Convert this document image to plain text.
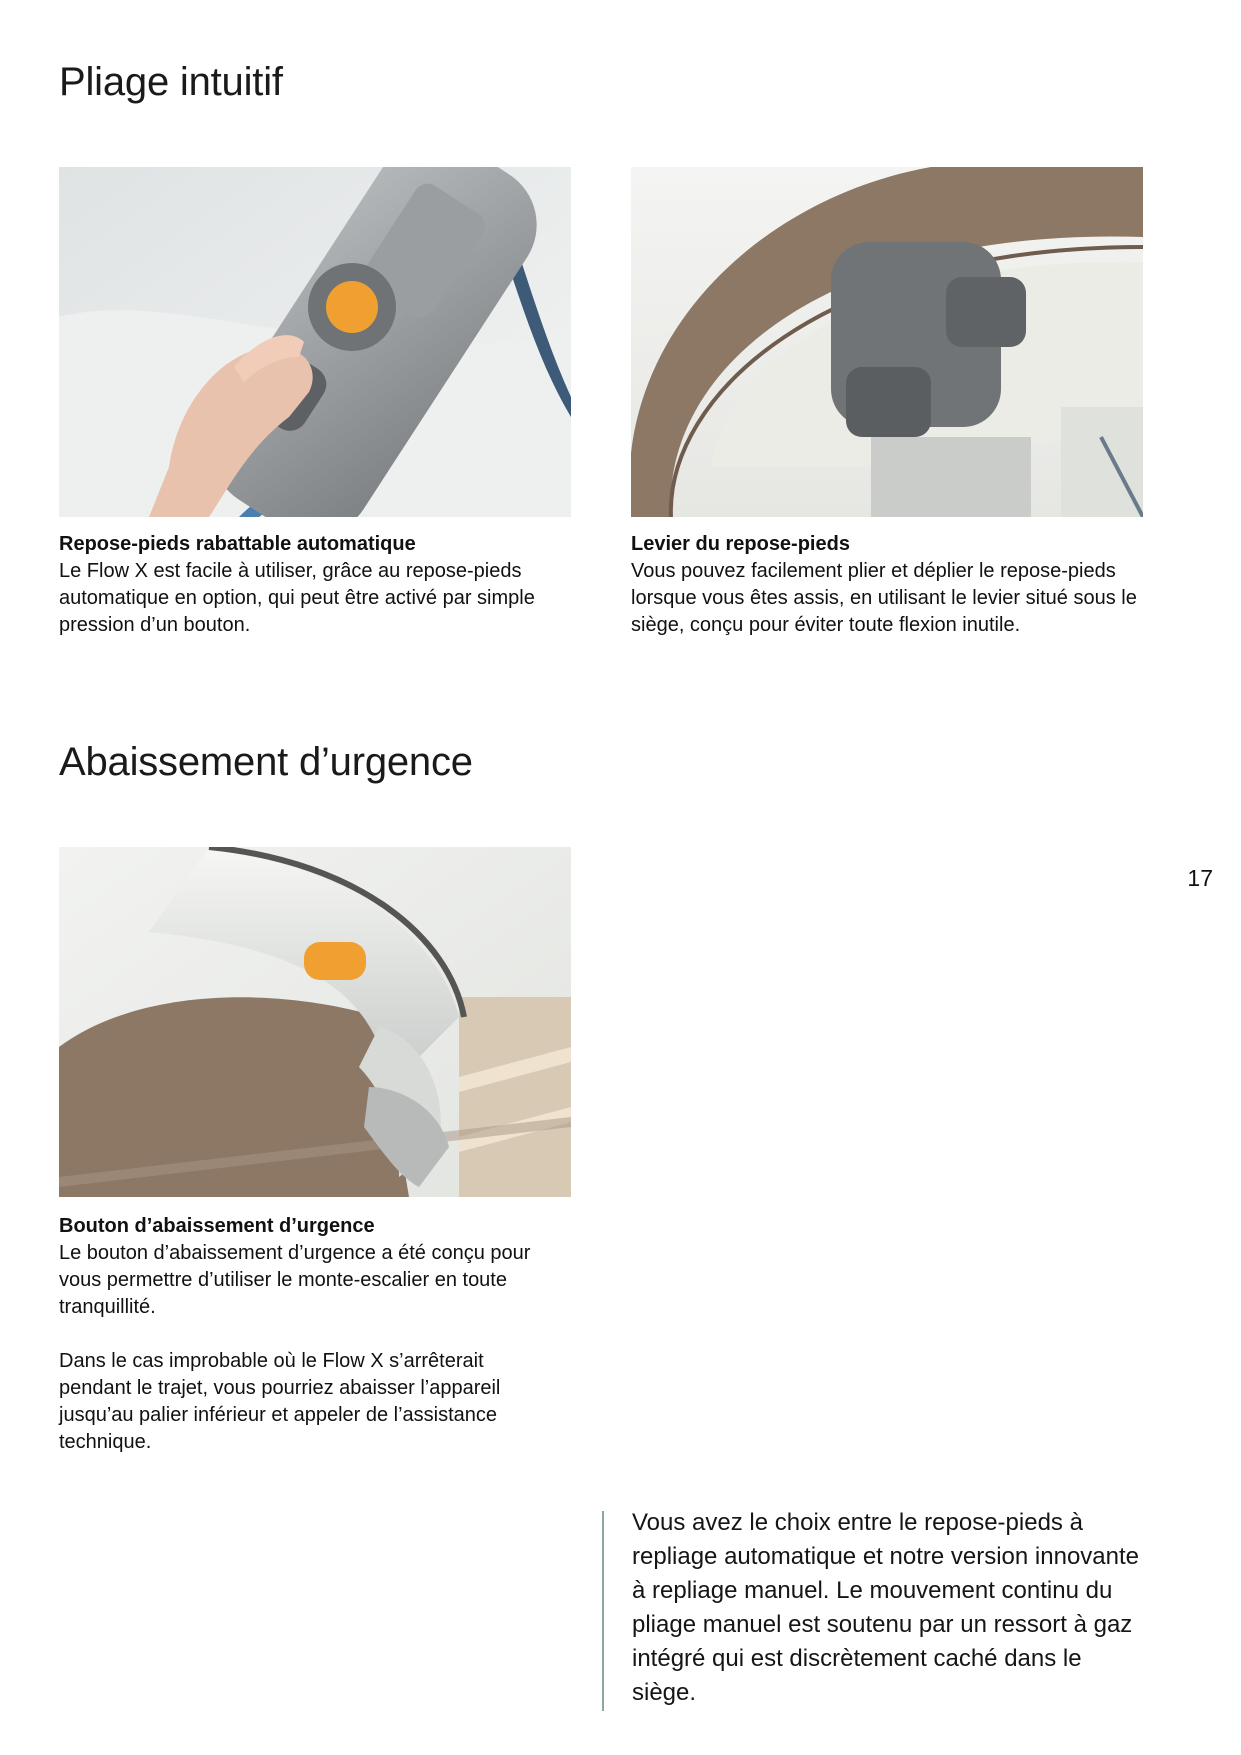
Pliage intuitif
Repose-pieds rabattable automatique

Le Flow X est facile à utiliser, grâce au repose-pieds automatique en option, qui peut être activé par simple pression d’un bouton.

Levier du repose-pieds

Vous pouvez facilement plier et déplier le repose-pieds lorsque vous êtes assis, en utilisant le levier situé sous le siège, conçu pour éviter toute flexion inutile.

Abaissement d’urgence
Bouton d’abaissement d’urgence

Le bouton d’abaissement d’urgence a été conçu pour vous permettre d’utiliser le monte-escalier en toute tranquillité.

Dans le cas improbable où le Flow X s’arrêterait pendant le trajet, vous pourriez abaisser l’appareil jusqu’au palier inférieur et appeler de l’assistance technique.

17

Vous avez le choix entre le repose-pieds à repliage automatique et notre version innovante à repliage manuel. Le mouvement continu du pliage manuel est soutenu par un ressort à gaz intégré qui est discrètement caché dans le siège.
